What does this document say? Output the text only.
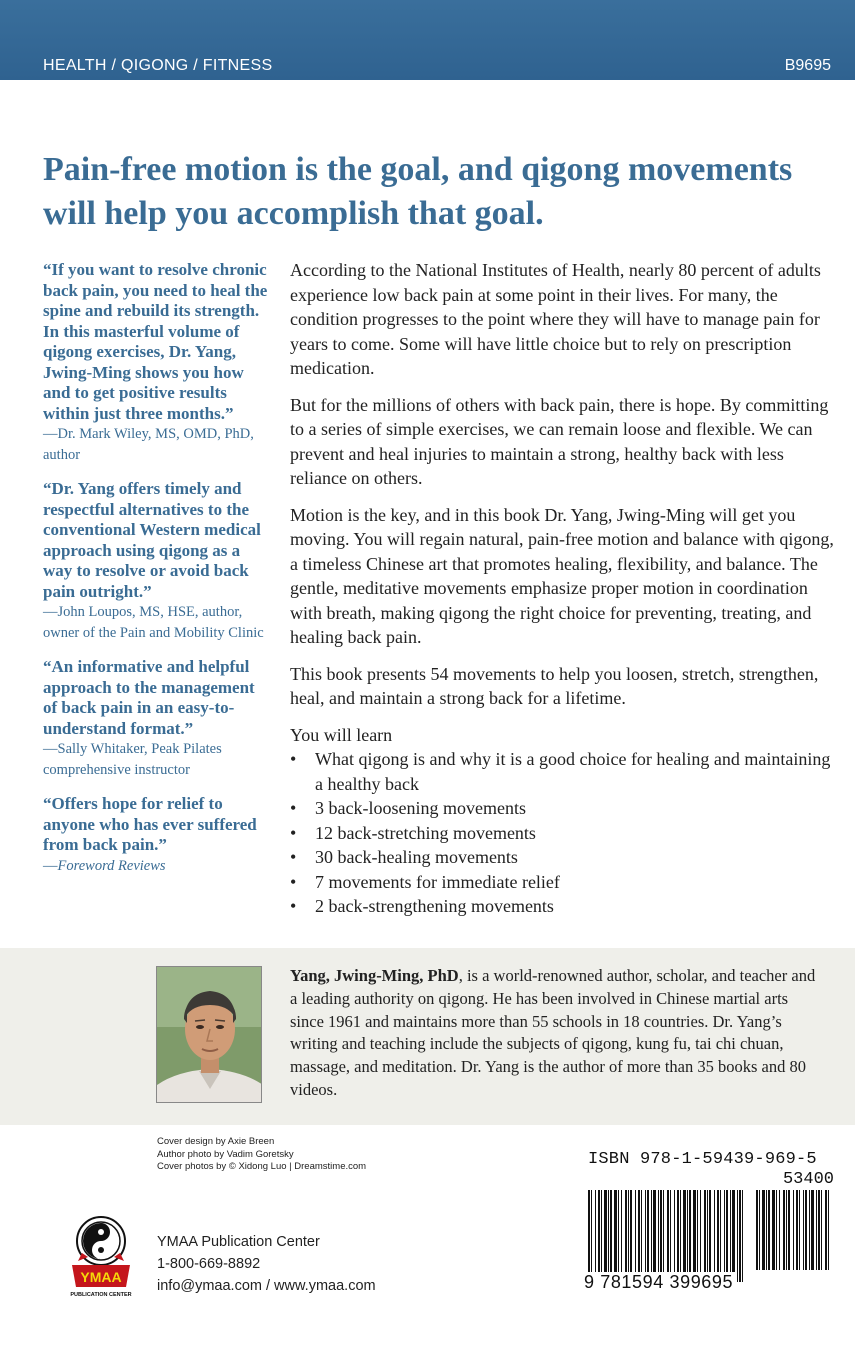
HEALTH / QIGONG / FITNESS	B9695
Pain-free motion is the goal, and qigong movements will help you accomplish that goal.

“If you want to resolve chronic back pain, you need to heal the spine and rebuild its strength. In this masterful volume of qigong exercises, Dr. Yang, Jwing-Ming shows you how and to get positive results within just three months.”

—Dr. Mark Wiley, MS, OMD, PhD, author

“Dr. Yang offers timely and respectful alternatives to the conventional Western medical approach using qigong as a way to resolve or avoid back pain outright.”

—John Loupos, MS, HSE, author, owner of the Pain and Mobility Clinic

“An informative and helpful approach to the management of back pain in an easy-to-understand format.”

—Sally Whitaker, Peak Pilates comprehensive instructor

“Offers hope for relief to anyone who has ever suffered from back pain.”

—Foreword Reviews

According to the National Institutes of Health, nearly 80 percent of adults experience low back pain at some point in their lives. For many, the condition progresses to the point where they will have to manage pain for years to come. Some will have little choice but to rely on prescription medication.

But for the millions of others with back pain, there is hope. By committing to a series of simple exercises, we can remain loose and flexible. We can prevent and heal injuries to maintain a strong, healthy back with less reliance on others.

Motion is the key, and in this book Dr. Yang, Jwing-Ming will get you moving. You will regain natural, pain-free motion and balance with qigong, a timeless Chinese art that promotes healing, flexibility, and balance. The gentle, meditative movements emphasize proper motion in coordination with breath, making qigong the right choice for preventing, treating, and healing back pain.

This book presents 54 movements to help you loosen, stretch, strengthen, heal, and maintain a strong back for a lifetime.

You will learn
• What qigong is and why it is a good choice for healing and maintaining a healthy back
• 3 back-loosening movements
• 12 back-stretching movements
• 30 back-healing movements
• 7 movements for immediate relief
• 2 back-strengthening movements
Yang, Jwing-Ming, PhD, is a world-renowned author, scholar, and teacher and a leading authority on qigong. He has been involved in Chinese martial arts since 1961 and maintains more than 55 schools in 18 countries. Dr. Yang’s writing and teaching include the subjects of qigong, kung fu, tai chi chuan, massage, and meditation. Dr. Yang is the author of more than 35 books and 80 videos.
Cover design by Axie Breen
Author photo by Vadim Goretsky
Cover photos by © Xidong Luo | Dreamstime.com
YMAA
PUBLICATION CENTER
YMAA Publication Center
1-800-669-8892
info@ymaa.com / www.ymaa.com
ISBN 978-1-59439-969-5
53400
9 781594 399695
